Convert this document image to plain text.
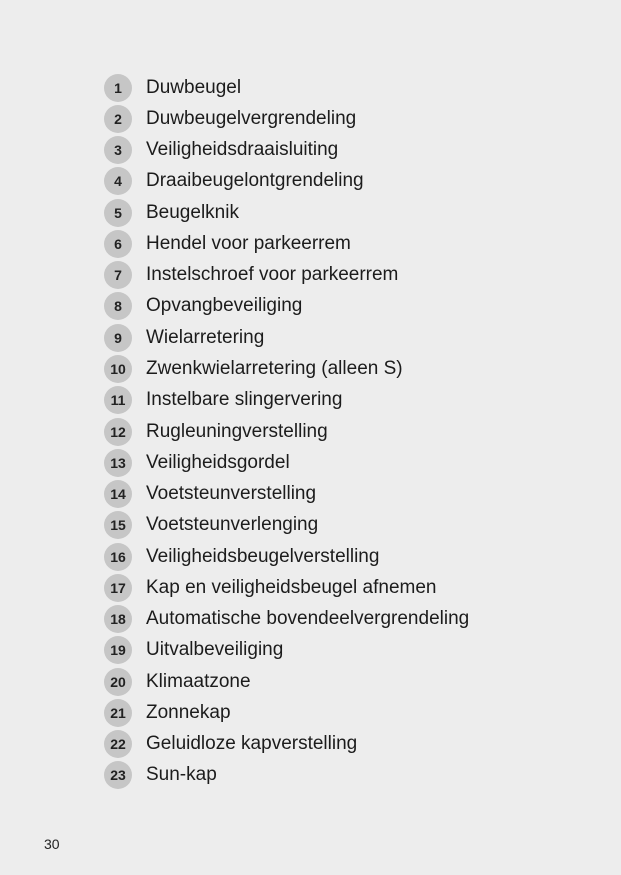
1	Duwbeugel
2	Duwbeugelvergrendeling
3	Veiligheidsdraaisluiting
4	Draaibeugelontgrendeling
5	Beugelknik
6	Hendel voor parkeerrem
7	Instelschroef voor parkeerrem
8	Opvangbeveiliging
9	Wielarretering
10	Zwenkwielarretering (alleen S)
11	Instelbare slingervering
12	Rugleuningverstelling
13	Veiligheidsgordel
14	Voetsteunverstelling
15	Voetsteunverlenging
16	Veiligheidsbeugelverstelling
17	Kap en veiligheidsbeugel afnemen
18	Automatische bovendeelvergrendeling
19	Uitvalbeveiliging
20	Klimaatzone
21	Zonnekap
22	Geluidloze kapverstelling
23	Sun-kap
30
